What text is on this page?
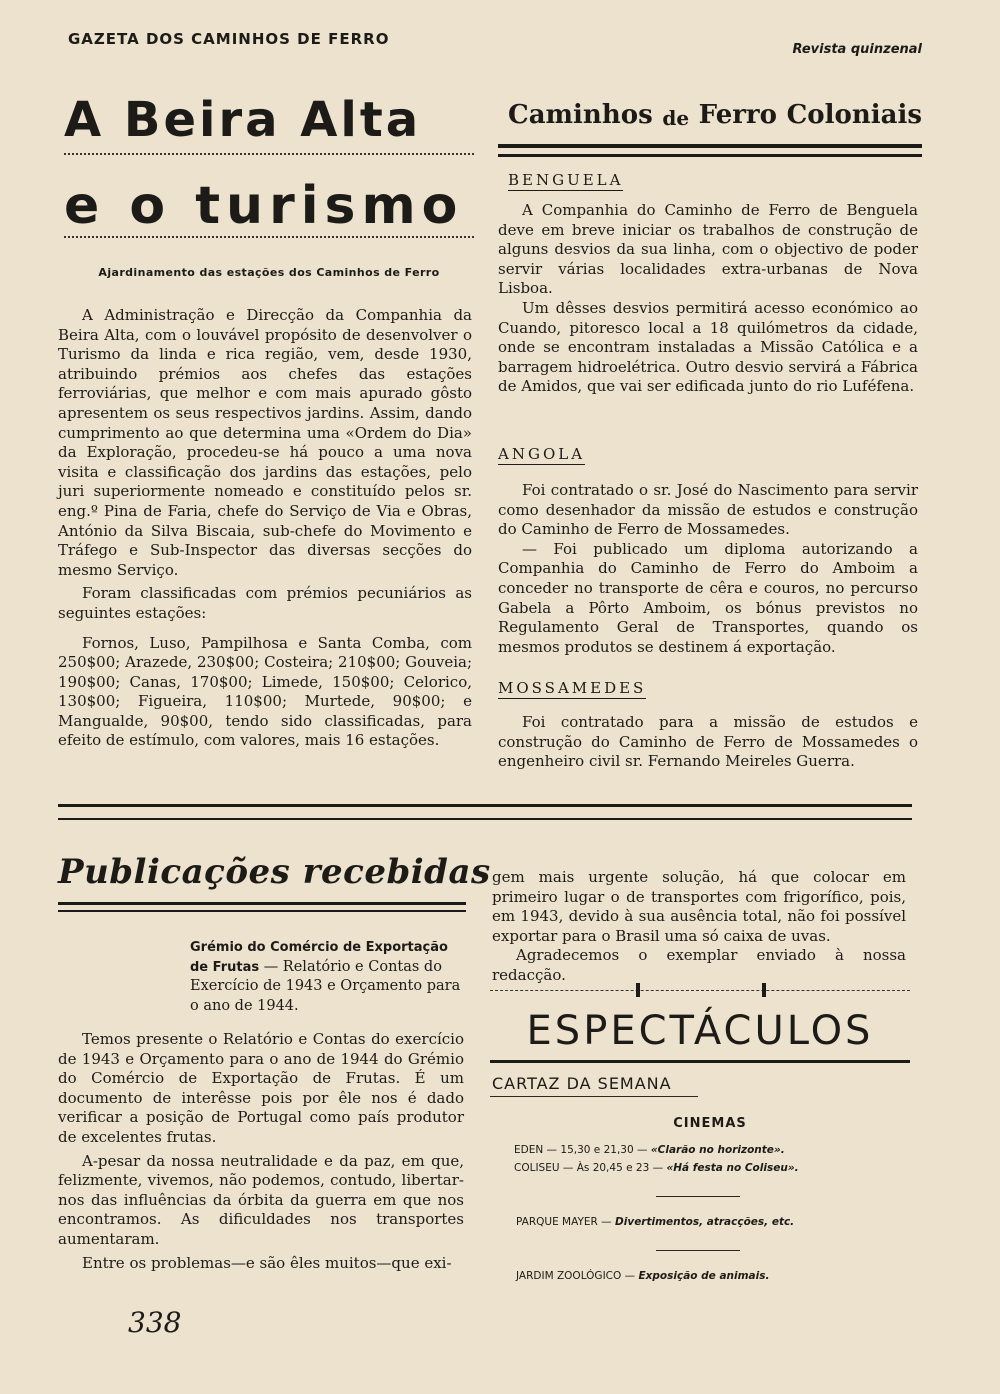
GAZETA DOS CAMINHOS DE FERRO
Revista quinzenal
A Beira Alta
e o turismo
Ajardinamento das estações dos Caminhos de Ferro

A Administração e Direcção da Companhia da Beira Alta, com o louvável propósito de desenvolver o Turismo da linda e rica região, vem, desde 1930, atribuindo prémios aos chefes das estações ferroviárias, que melhor e com mais apurado gôsto apresentem os seus respectivos jardins. Assim, dando cumprimento ao que determina uma «Ordem do Dia» da Exploração, procedeu-se há pouco a uma nova visita e classificação dos jardins das estações, pelo juri superiormente nomeado e constituído pelos sr. eng.º Pina de Faria, chefe do Serviço de Via e Obras, António da Silva Biscaia, sub-chefe do Movimento e Tráfego e Sub-Inspector das diversas secções do mesmo Serviço.

Foram classificadas com prémios pecuniários as seguintes estações:

Fornos, Luso, Pampilhosa e Santa Comba, com 250$00; Arazede, 230$00; Costeira; 210$00; Gouveia; 190$00; Canas, 170$00; Limede, 150$00; Celorico, 130$00; Figueira, 110$00; Murtede, 90$00; e Mangualde, 90$00, tendo sido classificadas, para efeito de estímulo, com valores, mais 16 estações.

Caminhos de Ferro Coloniais
BENGUELA

A Companhia do Caminho de Ferro de Benguela deve em breve iniciar os trabalhos de construção de alguns desvios da sua linha, com o objectivo de poder servir várias localidades extra-urbanas de Nova Lisboa.

Um dêsses desvios permitirá acesso económico ao Cuando, pitoresco local a 18 quilómetros da cidade, onde se encontram instaladas a Missão Católica e a barragem hidroelétrica. Outro desvio servirá a Fábrica de Amidos, que vai ser edificada junto do rio Luféfena.

ANGOLA

Foi contratado o sr. José do Nascimento para servir como desenhador da missão de estudos e construção do Caminho de Ferro de Mossamedes.

— Foi publicado um diploma autorizando a Companhia do Caminho de Ferro do Amboim a conceder no transporte de cêra e couros, no percurso Gabela a Pôrto Amboim, os bónus previstos no Regulamento Geral de Transportes, quando os mesmos produtos se destinem á exportação.

MOSSAMEDES

Foi contratado para a missão de estudos e construção do Caminho de Ferro de Mossamedes o engenheiro civil sr. Fernando Meireles Guerra.

Publicações recebidas
Grémio do Comércio de Exportação de Frutas — Relatório e Contas do Exercício de 1943 e Orçamento para o ano de 1944.

Temos presente o Relatório e Contas do exercício de 1943 e Orçamento para o ano de 1944 do Grémio do Comércio de Exportação de Frutas. É um documento de interêsse pois por êle nos é dado verificar a posição de Portugal como país produtor de excelentes frutas.

A-pesar da nossa neutralidade e da paz, em que, felizmente, vivemos, não podemos, contudo, libertar-nos das influências da órbita da guerra em que nos encontramos. As dificuldades nos transportes aumentaram.

Entre os problemas—e são êles muitos—que exi-

gem mais urgente solução, há que colocar em primeiro lugar o de transportes com frigorífico, pois, em 1943, devido à sua ausência total, não foi possível exportar para o Brasil uma só caixa de uvas.

Agradecemos o exemplar enviado à nossa redacção.

ESPECTÁCULOS
CARTAZ DA SEMANA
CINEMAS
EDEN — 15,30 e 21,30 — «Clarão no horizonte».
COLISEU — Às 20,45 e 23 — «Há festa no Coliseu».
PARQUE MAYER — Divertimentos, atracções, etc.
JARDIM ZOOLÓGICO — Exposição de animais.
338
